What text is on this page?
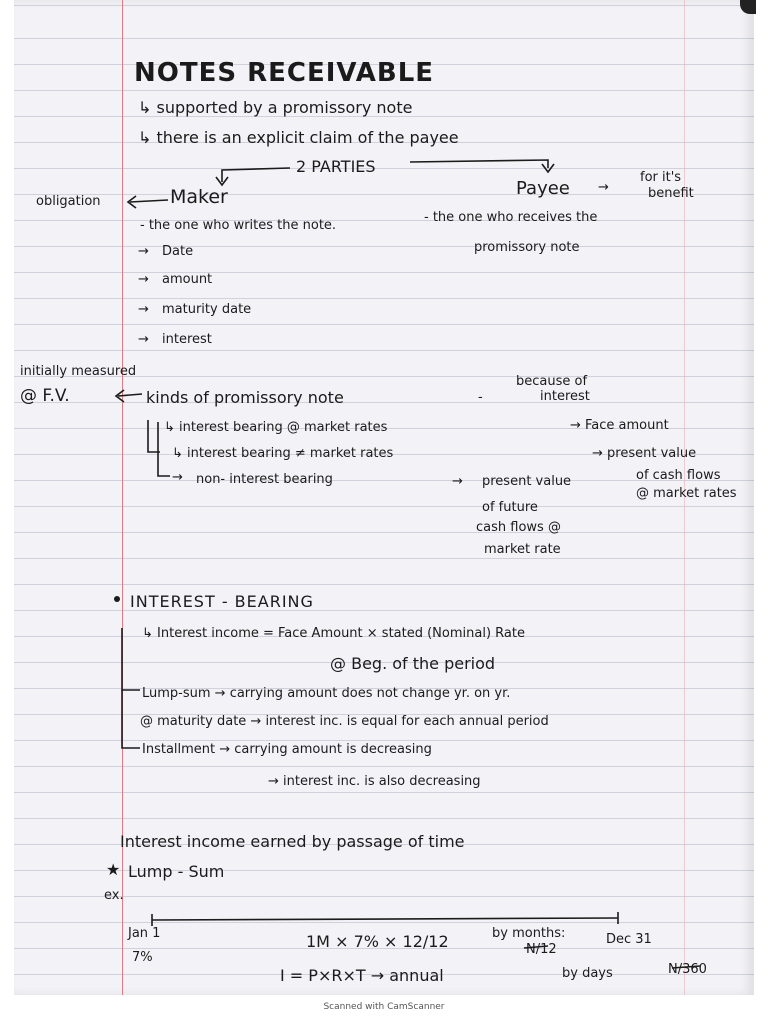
NOTES RECEIVABLE
↳ supported by a promissory note
↳ there is an explicit claim of the payee
2 PARTIES
obligation	Maker	Payee →
for it's
benefit
- the one who writes the note.
- the one who receives the
promissory note
→ Date
→ amount
→ maturity date
→ interest
initially measured
@ F.V.	kinds of promissory note	-
because of
interest
↳ interest bearing @ market rates	→ Face amount
↳ interest bearing ≠ market rates	→ present value
of cash flows
@ market rates
→ non- interest bearing	→ present value
of future
cash flows @
market rate
INTEREST - BEARING
↳ Interest income = Face Amount × stated (Nominal) Rate
@ Beg. of the period
Lump-sum → carrying amount does not change yr. on yr.
@ maturity date → interest inc. is equal for each annual period
Installment → carrying amount is decreasing
→ interest inc. is also decreasing
Interest income earned by passage of time
★ Lump - Sum
ex.
Jan 1
7%
1M × 7% × 12/12	by months:
N/12
Dec 31
I = P×R×T → annual	by days	N/360
Scanned with CamScanner
